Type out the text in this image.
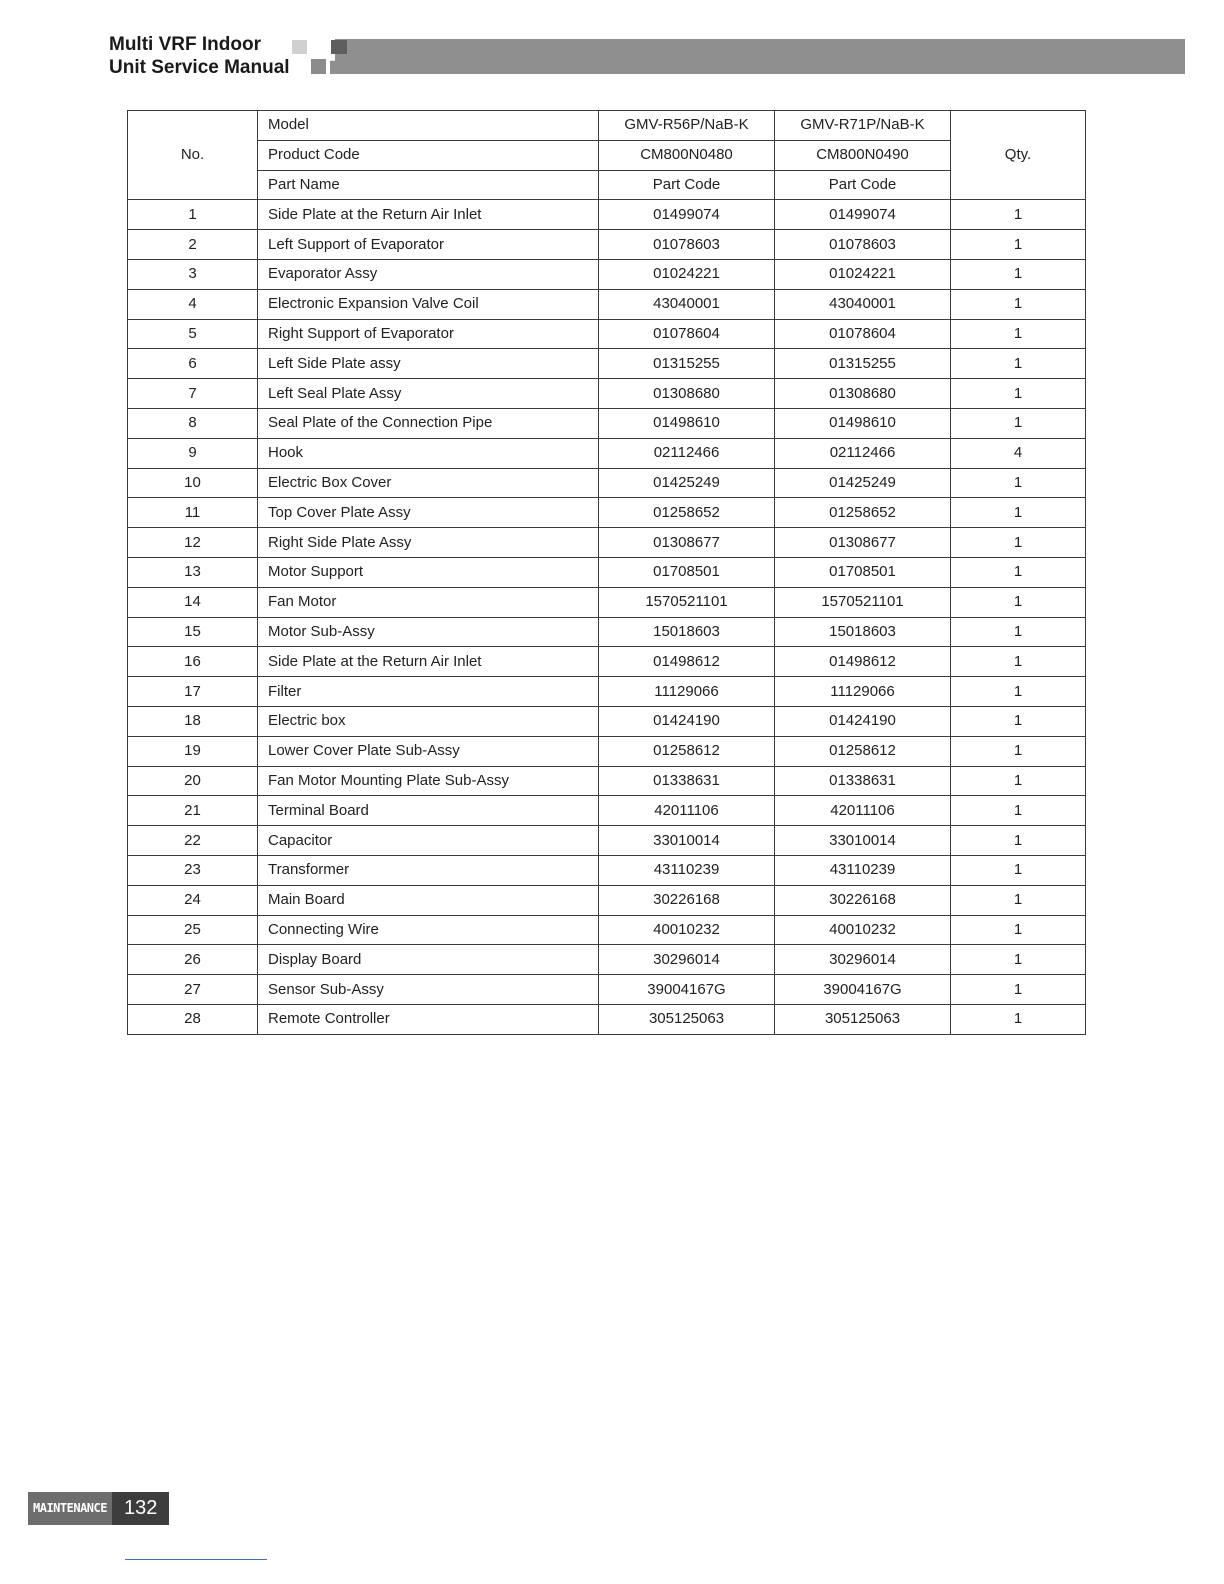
Multi VRF Indoor
Unit Service Manual
No.	Model	GMV-R56P/NaB-K	GMV-R71P/NaB-K	Qty.
	Product Code	CM800N0480	CM800N0490	
	Part Name	Part Code	Part Code	
1	Side Plate at the Return Air Inlet	01499074	01499074	1
2	Left Support of Evaporator	01078603	01078603	1
3	Evaporator Assy	01024221	01024221	1
4	Electronic Expansion Valve Coil	43040001	43040001	1
5	Right Support of Evaporator	01078604	01078604	1
6	Left Side Plate assy	01315255	01315255	1
7	Left Seal Plate Assy	01308680	01308680	1
8	Seal Plate of the Connection Pipe	01498610	01498610	1
9	Hook	02112466	02112466	4
10	Electric Box Cover	01425249	01425249	1
11	Top Cover Plate Assy	01258652	01258652	1
12	Right Side Plate Assy	01308677	01308677	1
13	Motor Support	01708501	01708501	1
14	Fan Motor	1570521101	1570521101	1
15	Motor Sub-Assy	15018603	15018603	1
16	Side Plate at the Return Air Inlet	01498612	01498612	1
17	Filter	11129066	11129066	1
18	Electric box	01424190	01424190	1
19	Lower Cover Plate Sub-Assy	01258612	01258612	1
20	Fan Motor Mounting Plate Sub-Assy	01338631	01338631	1
21	Terminal Board	42011106	42011106	1
22	Capacitor	33010014	33010014	1
23	Transformer	43110239	43110239	1
24	Main Board	30226168	30226168	1
25	Connecting Wire	40010232	40010232	1
26	Display Board	30296014	30296014	1
27	Sensor Sub-Assy	39004167G	39004167G	1
28	Remote Controller	305125063	305125063	1
MAINTENANCE 132
